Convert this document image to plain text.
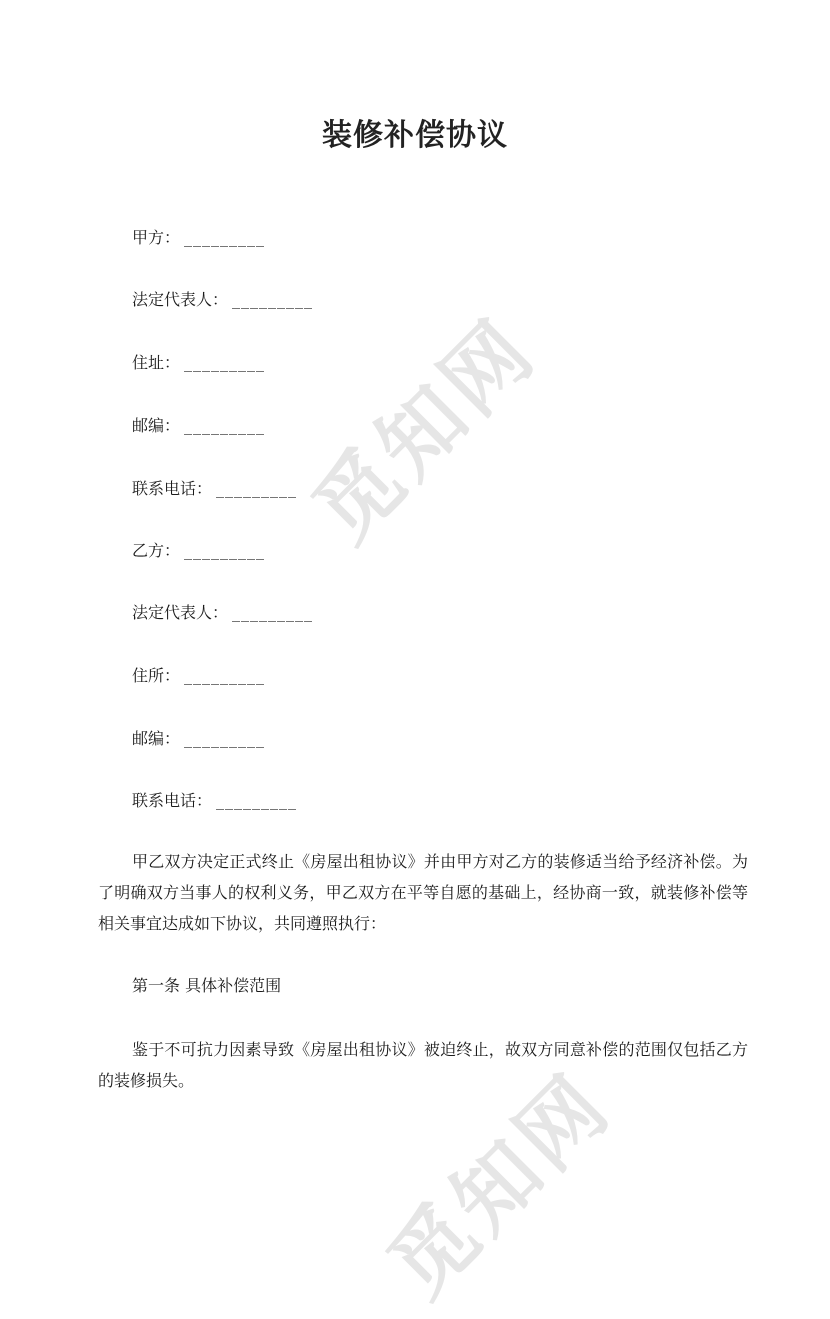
觅知网
觅知网
装修补偿协议
甲方： _________
法定代表人： _________
住址： _________
邮编： _________
联系电话： _________
乙方： _________
法定代表人： _________
住所： _________
邮编： _________
联系电话： _________
甲乙双方决定正式终止《房屋出租协议》并由甲方对乙方的装修适当给予经济补偿。为了明确双方当事人的权利义务，甲乙双方在平等自愿的基础上，经协商一致，就装修补偿等相关事宜达成如下协议，共同遵照执行：
第一条 具体补偿范围
鉴于不可抗力因素导致《房屋出租协议》被迫终止，故双方同意补偿的范围仅包括乙方的装修损失。
